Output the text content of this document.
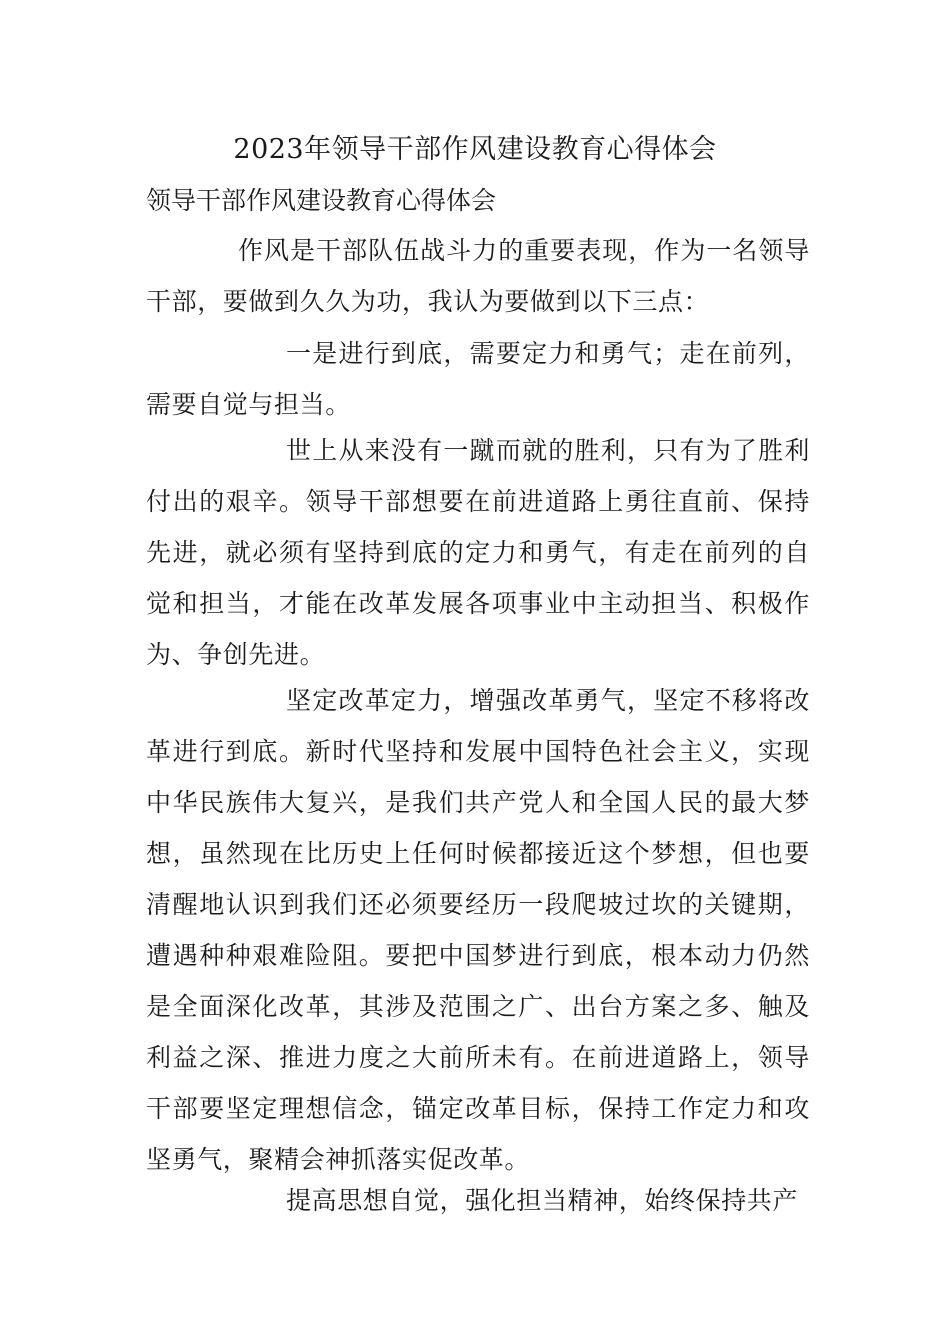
2023年领导干部作风建设教育心得体会
领导干部作风建设教育心得体会

作风是干部队伍战斗力的重要表现，作为一名领导干部，要做到久久为功，我认为要做到以下三点：

一是进行到底，需要定力和勇气；走在前列，需要自觉与担当。

世上从来没有一蹴而就的胜利，只有为了胜利付出的艰辛。领导干部想要在前进道路上勇往直前、保持先进，就必须有坚持到底的定力和勇气，有走在前列的自觉和担当，才能在改革发展各项事业中主动担当、积极作为、争创先进。

坚定改革定力，增强改革勇气，坚定不移将改革进行到底。新时代坚持和发展中国特色社会主义，实现中华民族伟大复兴，是我们共产党人和全国人民的最大梦想，虽然现在比历史上任何时候都接近这个梦想，但也要清醒地认识到我们还必须要经历一段爬坡过坎的关键期，遭遇种种艰难险阻。要把中国梦进行到底，根本动力仍然是全面深化改革，其涉及范围之广、出台方案之多、触及利益之深、推进力度之大前所未有。在前进道路上，领导干部要坚定理想信念，锚定改革目标，保持工作定力和攻坚勇气，聚精会神抓落实促改革。

提高思想自觉，强化担当精神，始终保持共产
